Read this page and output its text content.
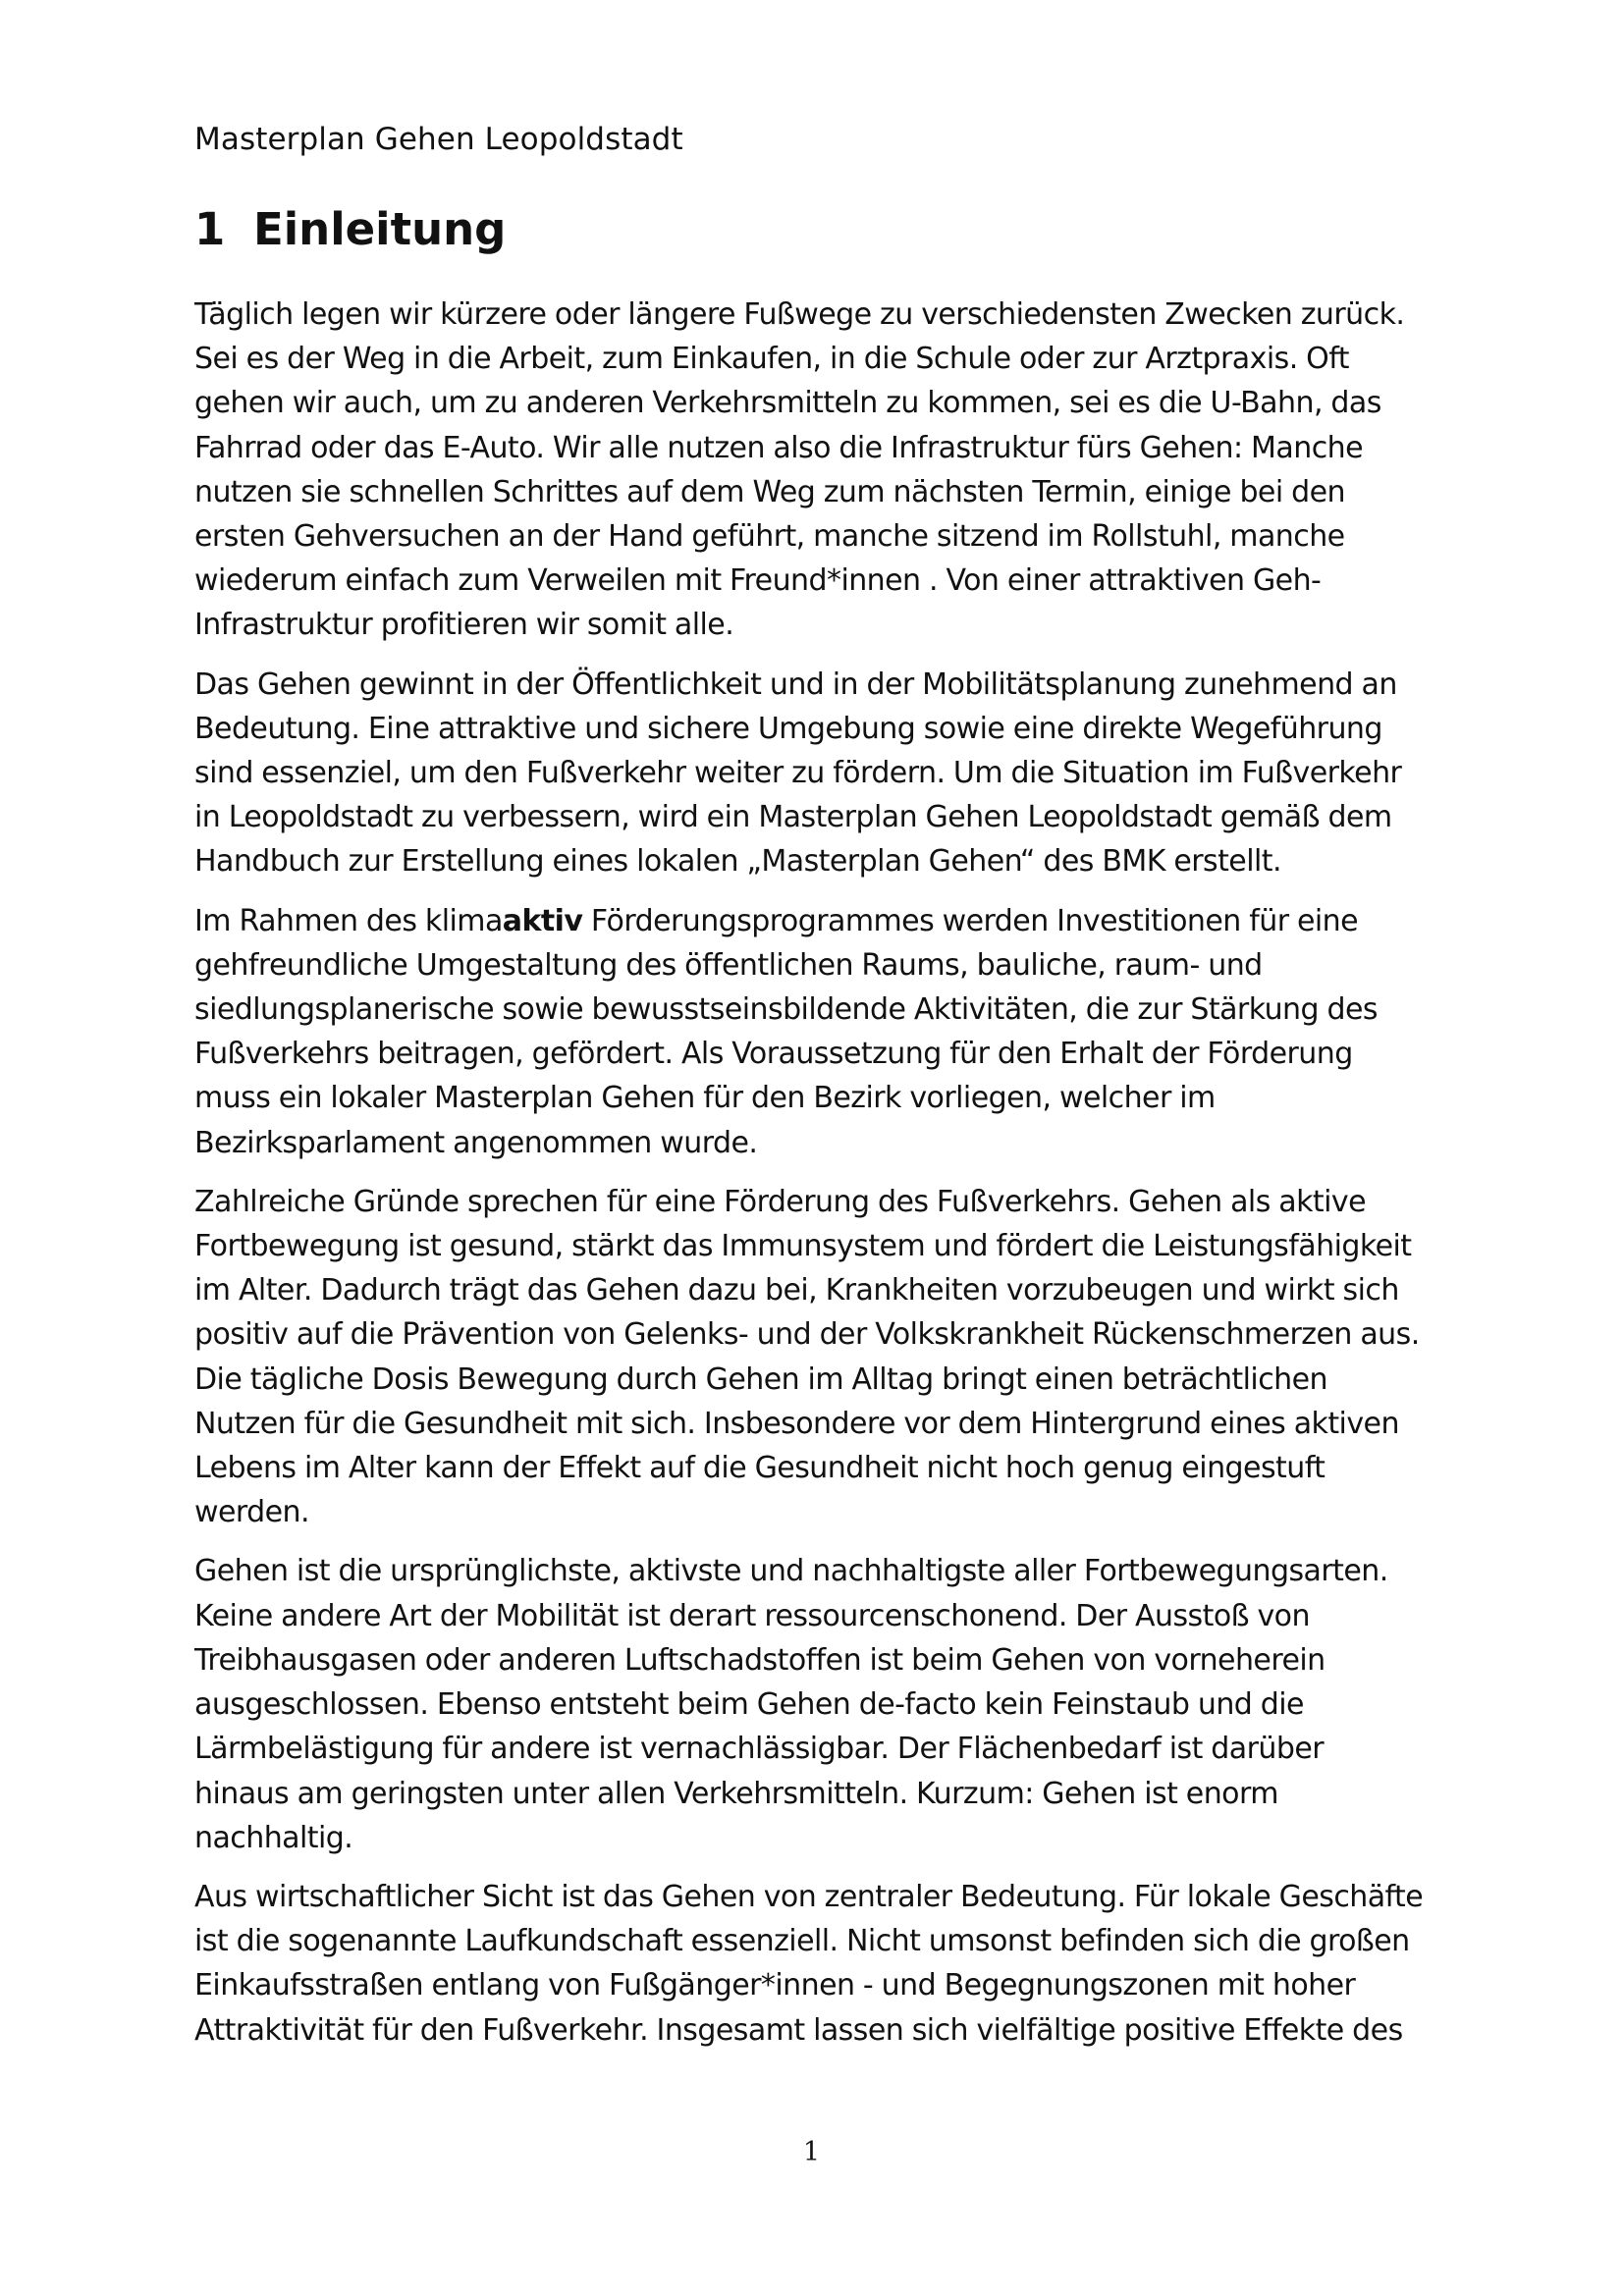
Masterplan Gehen Leopoldstadt
1 Einleitung

Täglich legen wir kürzere oder längere Fußwege zu verschiedensten Zwecken zurück.
Sei es der Weg in die Arbeit, zum Einkaufen, in die Schule oder zur Arztpraxis. Oft
gehen wir auch, um zu anderen Verkehrsmitteln zu kommen, sei es die U-Bahn, das
Fahrrad oder das E-Auto. Wir alle nutzen also die Infrastruktur fürs Gehen: Manche
nutzen sie schnellen Schrittes auf dem Weg zum nächsten Termin, einige bei den
ersten Gehversuchen an der Hand geführt, manche sitzend im Rollstuhl, manche
wiederum einfach zum Verweilen mit Freund*innen . Von einer attraktiven Geh-
Infrastruktur profitieren wir somit alle.

Das Gehen gewinnt in der Öffentlichkeit und in der Mobilitätsplanung zunehmend an
Bedeutung. Eine attraktive und sichere Umgebung sowie eine direkte Wegeführung
sind essenziel, um den Fußverkehr weiter zu fördern. Um die Situation im Fußverkehr
in Leopoldstadt zu verbessern, wird ein Masterplan Gehen Leopoldstadt gemäß dem
Handbuch zur Erstellung eines lokalen „Masterplan Gehen“ des BMK erstellt.

Im Rahmen des klimaaktiv Förderungsprogrammes werden Investitionen für eine
gehfreundliche Umgestaltung des öffentlichen Raums, bauliche, raum- und
siedlungsplanerische sowie bewusstseinsbildende Aktivitäten, die zur Stärkung des
Fußverkehrs beitragen, gefördert. Als Voraussetzung für den Erhalt der Förderung
muss ein lokaler Masterplan Gehen für den Bezirk vorliegen, welcher im
Bezirksparlament angenommen wurde.

Zahlreiche Gründe sprechen für eine Förderung des Fußverkehrs. Gehen als aktive
Fortbewegung ist gesund, stärkt das Immunsystem und fördert die Leistungsfähigkeit
im Alter. Dadurch trägt das Gehen dazu bei, Krankheiten vorzubeugen und wirkt sich
positiv auf die Prävention von Gelenks- und der Volkskrankheit Rückenschmerzen aus.
Die tägliche Dosis Bewegung durch Gehen im Alltag bringt einen beträchtlichen
Nutzen für die Gesundheit mit sich. Insbesondere vor dem Hintergrund eines aktiven
Lebens im Alter kann der Effekt auf die Gesundheit nicht hoch genug eingestuft
werden.

Gehen ist die ursprünglichste, aktivste und nachhaltigste aller Fortbewegungsarten.
Keine andere Art der Mobilität ist derart ressourcenschonend. Der Ausstoß von
Treibhausgasen oder anderen Luftschadstoffen ist beim Gehen von vorneherein
ausgeschlossen. Ebenso entsteht beim Gehen de-facto kein Feinstaub und die
Lärmbelästigung für andere ist vernachlässigbar. Der Flächenbedarf ist darüber
hinaus am geringsten unter allen Verkehrsmitteln. Kurzum: Gehen ist enorm
nachhaltig.

Aus wirtschaftlicher Sicht ist das Gehen von zentraler Bedeutung. Für lokale Geschäfte
ist die sogenannte Laufkundschaft essenziell. Nicht umsonst befinden sich die großen
Einkaufsstraßen entlang von Fußgänger*innen - und Begegnungszonen mit hoher
Attraktivität für den Fußverkehr. Insgesamt lassen sich vielfältige positive Effekte des

1
